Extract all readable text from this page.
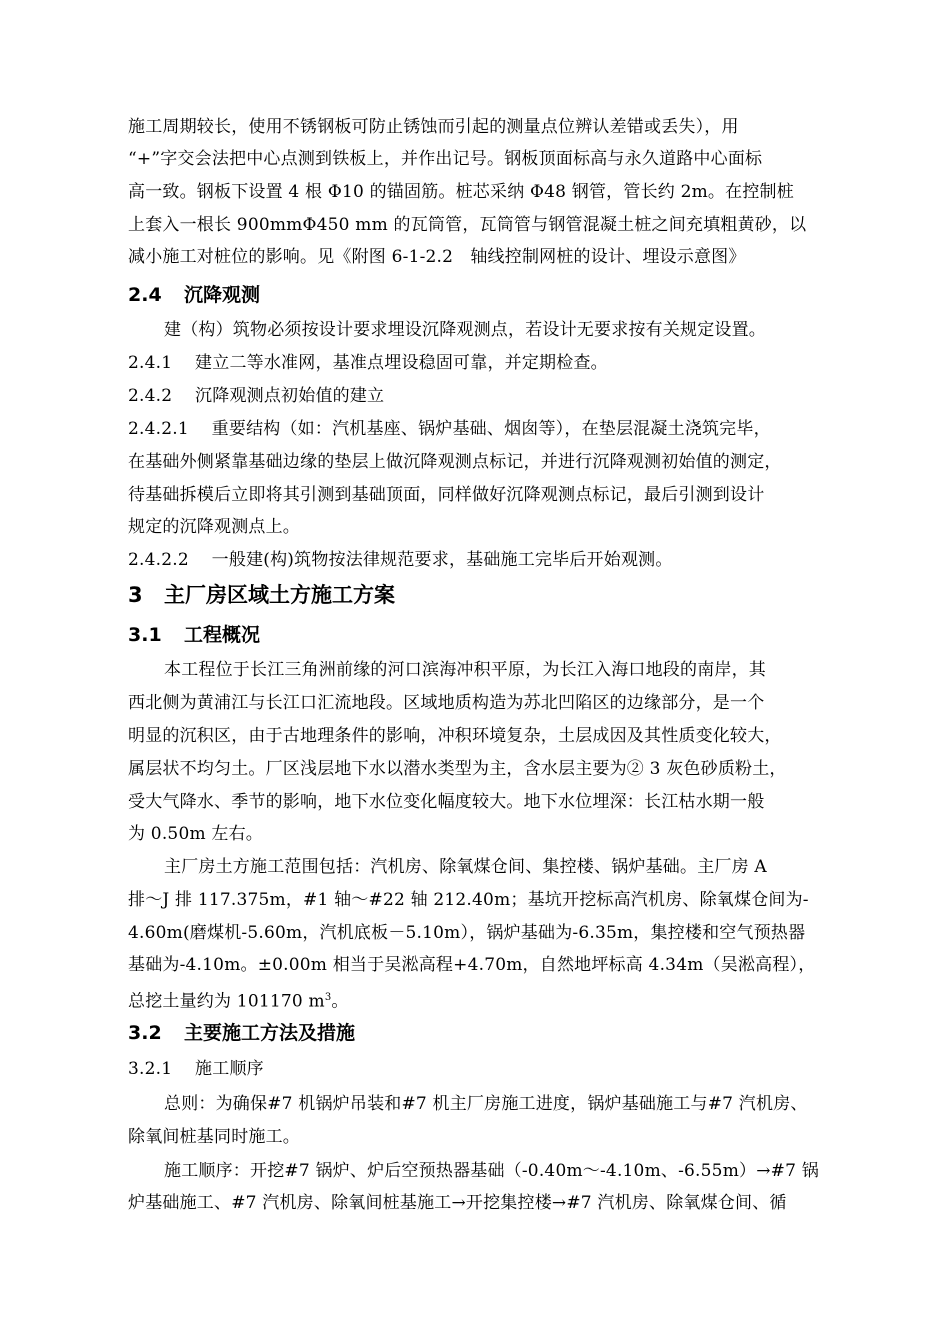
施工周期较长，使用不锈钢板可防止锈蚀而引起的测量点位辨认差错或丢失），用
“+”字交会法把中心点测到铁板上，并作出记号。钢板顶面标高与永久道路中心面标
高一致。钢板下设置 4 根 Φ10 的锚固筋。桩芯采纳 Φ48 钢管，管长约 2m。在控制桩
上套入一根长 900mmΦ450 mm 的瓦筒管，瓦筒管与钢管混凝土桩之间充填粗黄砂，以
减小施工对桩位的影响。见《附图 6-1-2.2　轴线控制网桩的设计、埋设示意图》
2.4 沉降观测
建（构）筑物必须按设计要求埋设沉降观测点，若设计无要求按有关规定设置。
2.4.1　 建立二等水准网，基准点埋设稳固可靠，并定期检查。
2.4.2　 沉降观测点初始值的建立
2.4.2.1　 重要结构（如：汽机基座、锅炉基础、烟囱等），在垫层混凝土浇筑完毕，
在基础外侧紧靠基础边缘的垫层上做沉降观测点标记，并进行沉降观测初始值的测定，
待基础拆模后立即将其引测到基础顶面，同样做好沉降观测点标记，最后引测到设计
规定的沉降观测点上。
2.4.2.2　 一般建(构)筑物按法律规范要求，基础施工完毕后开始观测。
3 主厂房区域土方施工方案
3.1 工程概况
本工程位于长江三角洲前缘的河口滨海冲积平原，为长江入海口地段的南岸，其
西北侧为黄浦江与长江口汇流地段。区域地质构造为苏北凹陷区的边缘部分，是一个
明显的沉积区，由于古地理条件的影响，冲积环境复杂，土层成因及其性质变化较大，
属层状不均匀土。厂区浅层地下水以潜水类型为主，含水层主要为② 3 灰色砂质粉土，
受大气降水、季节的影响，地下水位变化幅度较大。地下水位埋深：长江枯水期一般
为 0.50m 左右。
主厂房土方施工范围包括：汽机房、除氧煤仓间、集控楼、锅炉基础。主厂房 A
排～J 排 117.375m，#1 轴～#22 轴 212.40m；基坑开挖标高汽机房、除氧煤仓间为-
4.60m(磨煤机-5.60m，汽机底板－5.10m），锅炉基础为-6.35m，集控楼和空气预热器
基础为-4.10m。±0.00m 相当于吴淞高程+4.70m，自然地坪标高 4.34m（吴淞高程），
总挖土量约为 101170 $m^3$。
3.2 主要施工方法及措施
3.2.1　 施工顺序
总则：为确保#7 机锅炉吊装和#7 机主厂房施工进度，锅炉基础施工与#7 汽机房、
除氧间桩基同时施工。
施工顺序：开挖#7 锅炉、炉后空预热器基础（-0.40m～-4.10m、-6.55m）→#7 锅
炉基础施工、#7 汽机房、除氧间桩基施工→开挖集控楼→#7 汽机房、除氧煤仓间、循
